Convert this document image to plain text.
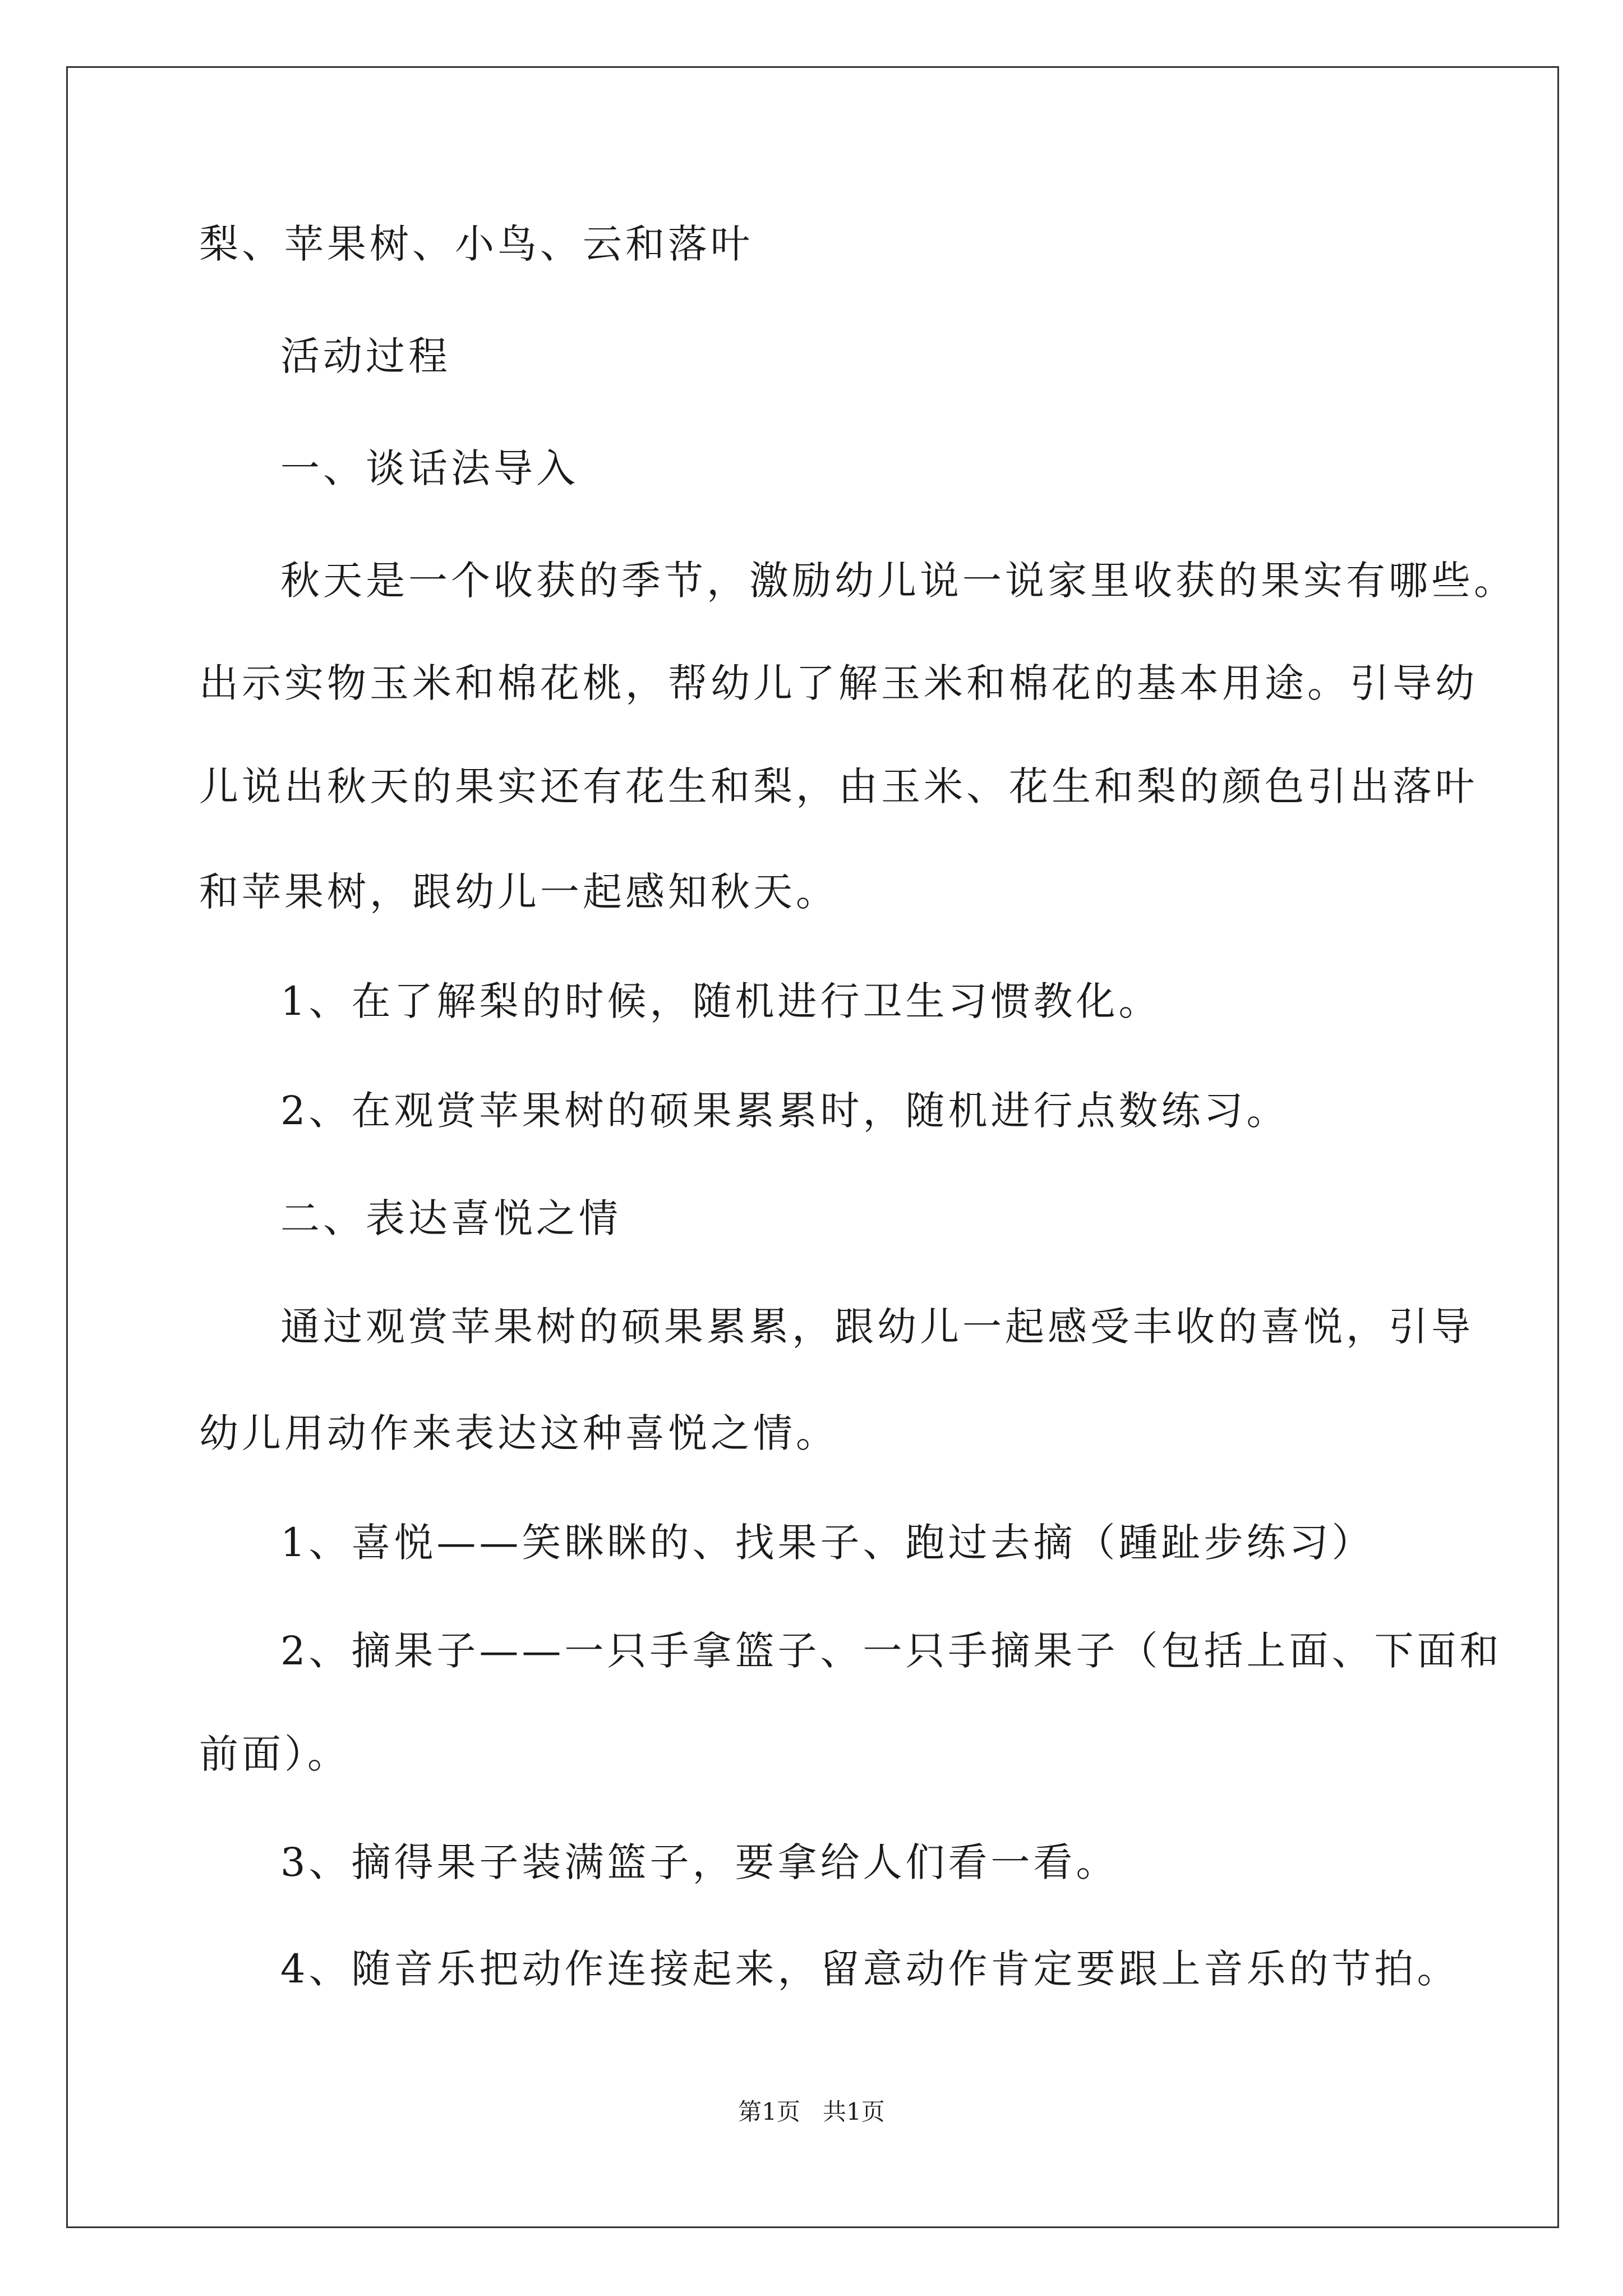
梨、苹果树、小鸟、云和落叶
活动过程
一、谈话法导入
秋天是一个收获的季节，激励幼儿说一说家里收获的果实有哪些。
出示实物玉米和棉花桃，帮幼儿了解玉米和棉花的基本用途。引导幼
儿说出秋天的果实还有花生和梨，由玉米、花生和梨的颜色引出落叶
和苹果树，跟幼儿一起感知秋天。
1、在了解梨的时候，随机进行卫生习惯教化。
2、在观赏苹果树的硕果累累时，随机进行点数练习。
二、表达喜悦之情
通过观赏苹果树的硕果累累，跟幼儿一起感受丰收的喜悦，引导
幼儿用动作来表达这种喜悦之情。
1、喜悦——笑眯眯的、找果子、跑过去摘（踵趾步练习）
2、摘果子——一只手拿篮子、一只手摘果子（包括上面、下面和
前面）。
3、摘得果子装满篮子，要拿给人们看一看。
4、随音乐把动作连接起来，留意动作肯定要跟上音乐的节拍。
第1页   共1页
